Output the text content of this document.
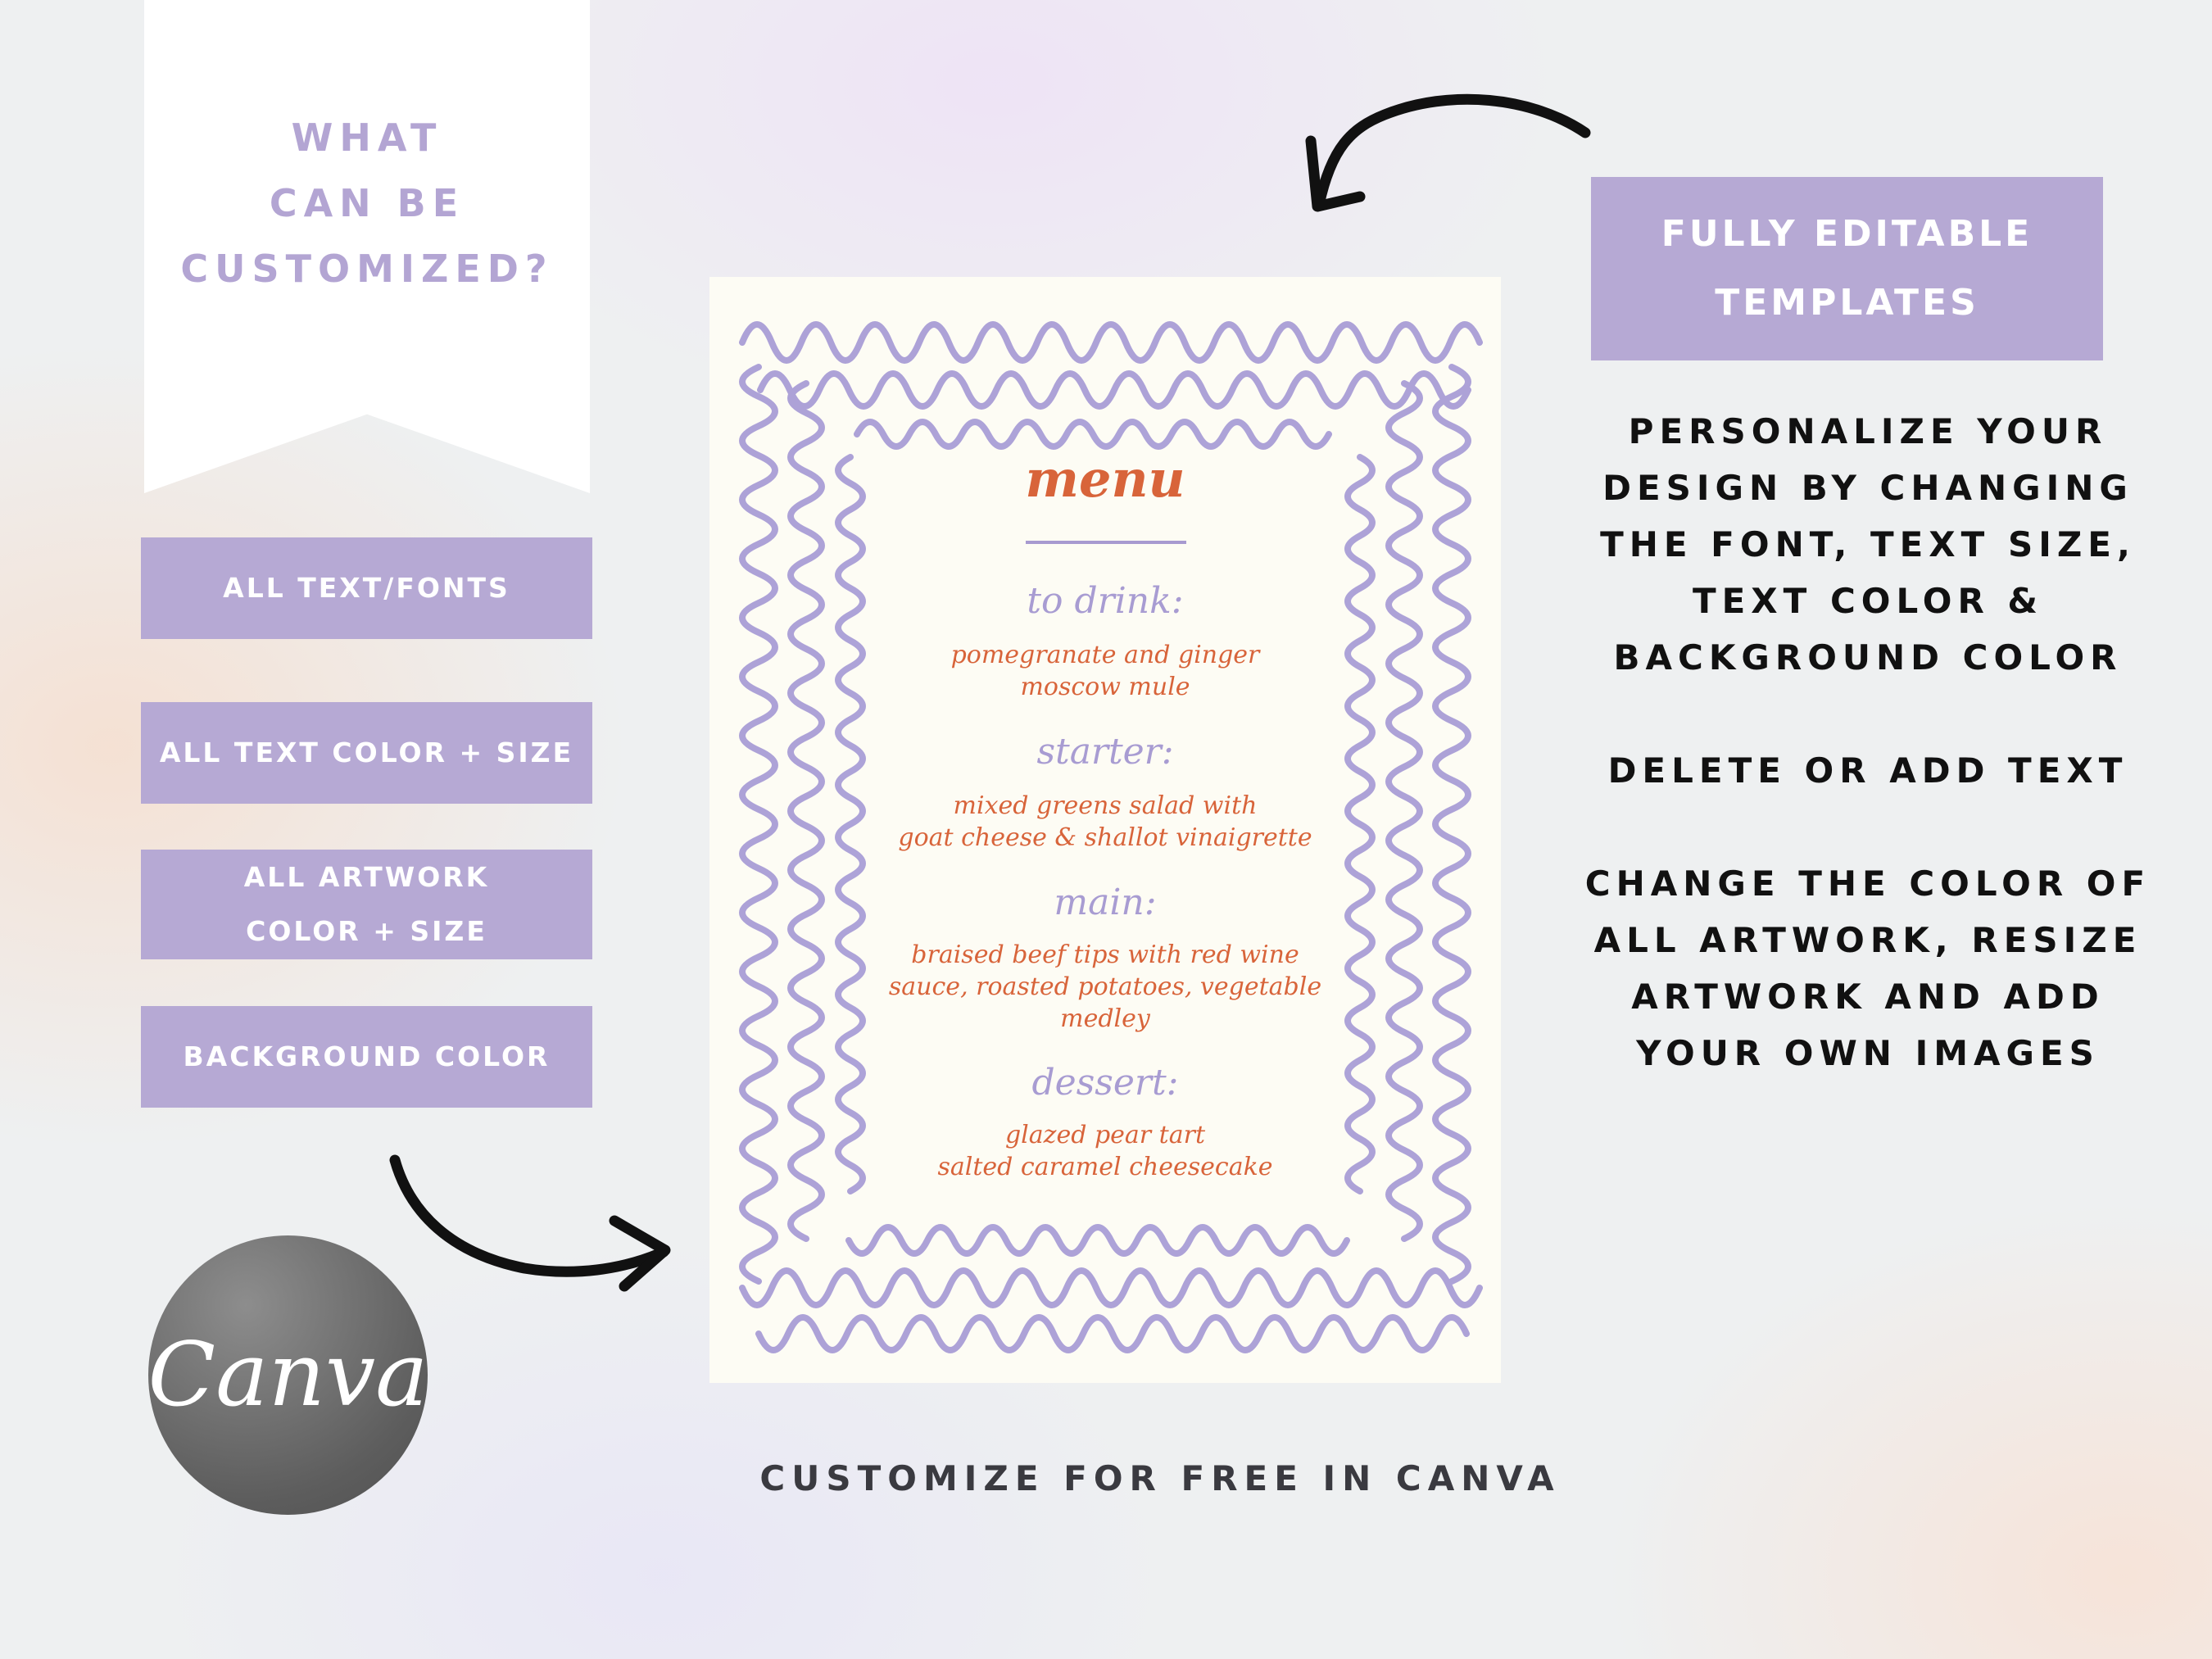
WHAT
CAN BE
CUSTOMIZED?
ALL TEXT/FONTS
ALL TEXT COLOR + SIZE
ALL ARTWORK
COLOR + SIZE
BACKGROUND COLOR
FULLY EDITABLE
TEMPLATES
PERSONALIZE YOUR
DESIGN BY CHANGING
THE FONT, TEXT SIZE,
TEXT COLOR &
BACKGROUND COLOR
DELETE OR ADD TEXT
CHANGE THE COLOR OF
ALL ARTWORK, RESIZE
ARTWORK AND ADD
YOUR OWN IMAGES
menu
to drink:
pomegranate and ginger
moscow mule
starter:
mixed greens salad with
goat cheese & shallot vinaigrette
main:
braised beef tips with red wine
sauce, roasted potatoes, vegetable
medley
dessert:
glazed pear tart
salted caramel cheesecake
CUSTOMIZE FOR FREE IN CANVA
Canva
